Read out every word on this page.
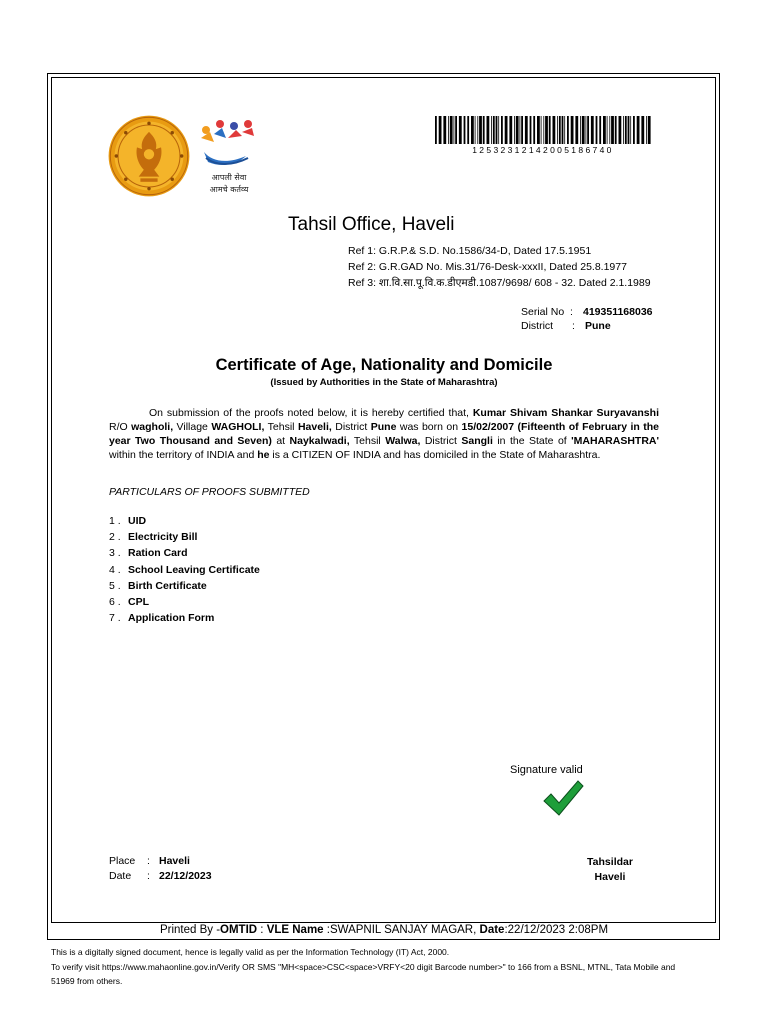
आपली सेवा
आमचे कर्तव्य
12532312142005186740
Tahsil Office, Haveli
Ref 1: G.R.P.& S.D. No.1586/34-D, Dated 17.5.1951
Ref 2: G.R.GAD No. Mis.31/76-Desk-xxxII, Dated 25.8.1977
Ref 3: शा.वि.सा.पू.वि.क.डीएमडी.1087/9698/ 608 - 32. Dated 2.1.1989
Serial No : 419351168036
District : Pune
Certificate of Age, Nationality and Domicile
(Issued by Authorities in the State of Maharashtra)
On submission of the proofs noted below, it is hereby certified that, Kumar Shivam Shankar Suryavanshi R/O wagholi, Village WAGHOLI, Tehsil Haveli, District Pune was born on 15/02/2007 (Fifteenth of February in the year Two Thousand and Seven) at Naykalwadi, Tehsil Walwa, District Sangli in the State of 'MAHARASHTRA' within the territory of INDIA and he is a CITIZEN OF INDIA and has domiciled in the State of Maharashtra.
PARTICULARS OF PROOFS SUBMITTED
1 . UID
2 . Electricity Bill
3 . Ration Card
4 . School Leaving Certificate
5 . Birth Certificate
6 . CPL
7 . Application Form
Signature valid
Place : Haveli
Date : 22/12/2023
Tahsildar
Haveli
Printed By -OMTID : VLE Name :SWAPNIL SANJAY MAGAR, Date:22/12/2023 2:08PM
This is a digitally signed document, hence is legally valid as per the Information Technology (IT) Act, 2000.
To verify visit https://www.mahaonline.gov.in/Verify OR SMS "MH<space>CSC<space>VRFY<20 digit Barcode number>" to 166 from a BSNL, MTNL, Tata Mobile and
51969 from others.
